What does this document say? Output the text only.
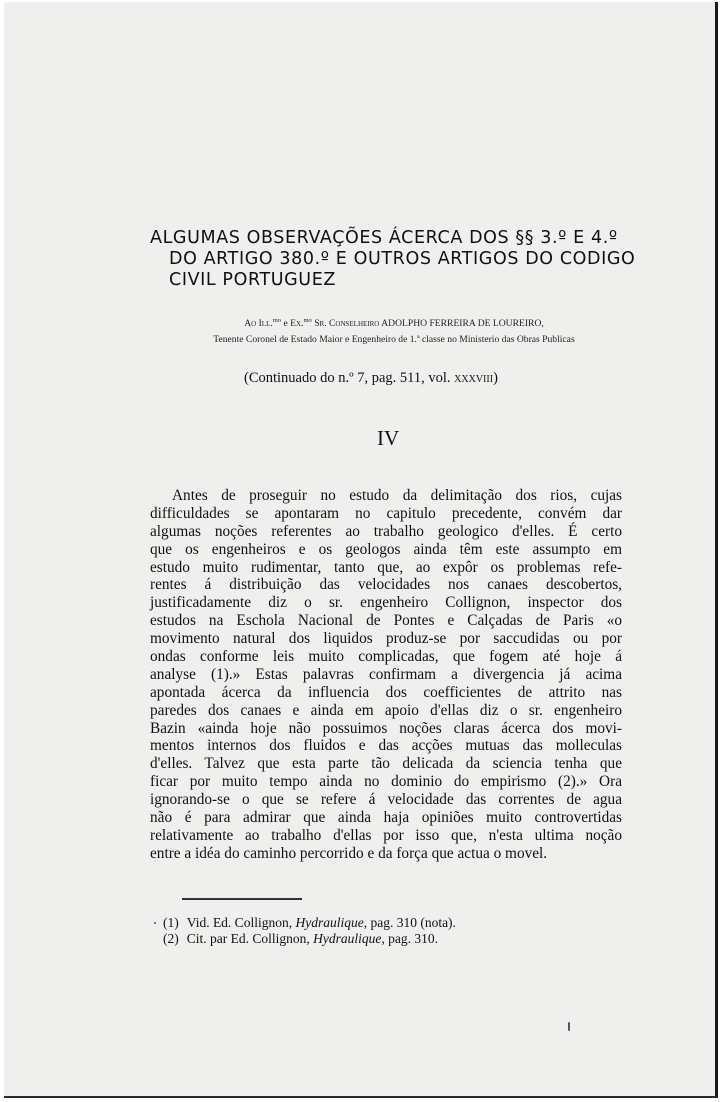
ALGUMAS OBSERVAÇÕES ÁCERCA DOS §§ 3.º E 4.º
DO ARTIGO 380.º E OUTROS ARTIGOS DO CODIGO
CIVIL PORTUGUEZ
Ao Ill.$^{mo}$ e Ex.$^{mo}$ Sr. Conselheiro ADOLPHO FERREIRA DE LOUREIRO,
Tenente Coronel de Estado Maior e Engenheiro de 1.ª classe no Ministerio das Obras Publicas
(Continuado do n.º 7, pag. 511, vol. xxxviii)
IV
Antes de proseguir no estudo da delimitação dos rios, cujas
difficuldades se apontaram no capitulo precedente, convém dar
algumas noções referentes ao trabalho geologico d'elles. É certo
que os engenheiros e os geologos ainda têm este assumpto em
estudo muito rudimentar, tanto que, ao expôr os problemas refe-
rentes á distribuição das velocidades nos canaes descobertos,
justificadamente diz o sr. engenheiro Collignon, inspector dos
estudos na Eschola Nacional de Pontes e Calçadas de Paris «o
movimento natural dos liquidos produz-se por saccudidas ou por
ondas conforme leis muito complicadas, que fogem até hoje á
analyse (1).» Estas palavras confirmam a divergencia já acima
apontada ácerca da influencia dos coefficientes de attrito nas
paredes dos canaes e ainda em apoio d'ellas diz o sr. engenheiro
Bazin «ainda hoje não possuimos noções claras ácerca dos movi-
mentos internos dos fluidos e das acções mutuas das molleculas
d'elles. Talvez que esta parte tão delicada da sciencia tenha que
ficar por muito tempo ainda no dominio do empirismo (2).» Ora
ignorando-se o que se refere á velocidade das correntes de agua
não é para admirar que ainda haja opiniões muito controvertidas
relativamente ao trabalho d'ellas por isso que, n'esta ultima noção
entre a idéa do caminho percorrido e da força que actua o movel.
(1) Vid. Ed. Collignon, Hydraulique, pag. 310 (nota).
(2) Cit. par Ed. Collignon, Hydraulique, pag. 310.
